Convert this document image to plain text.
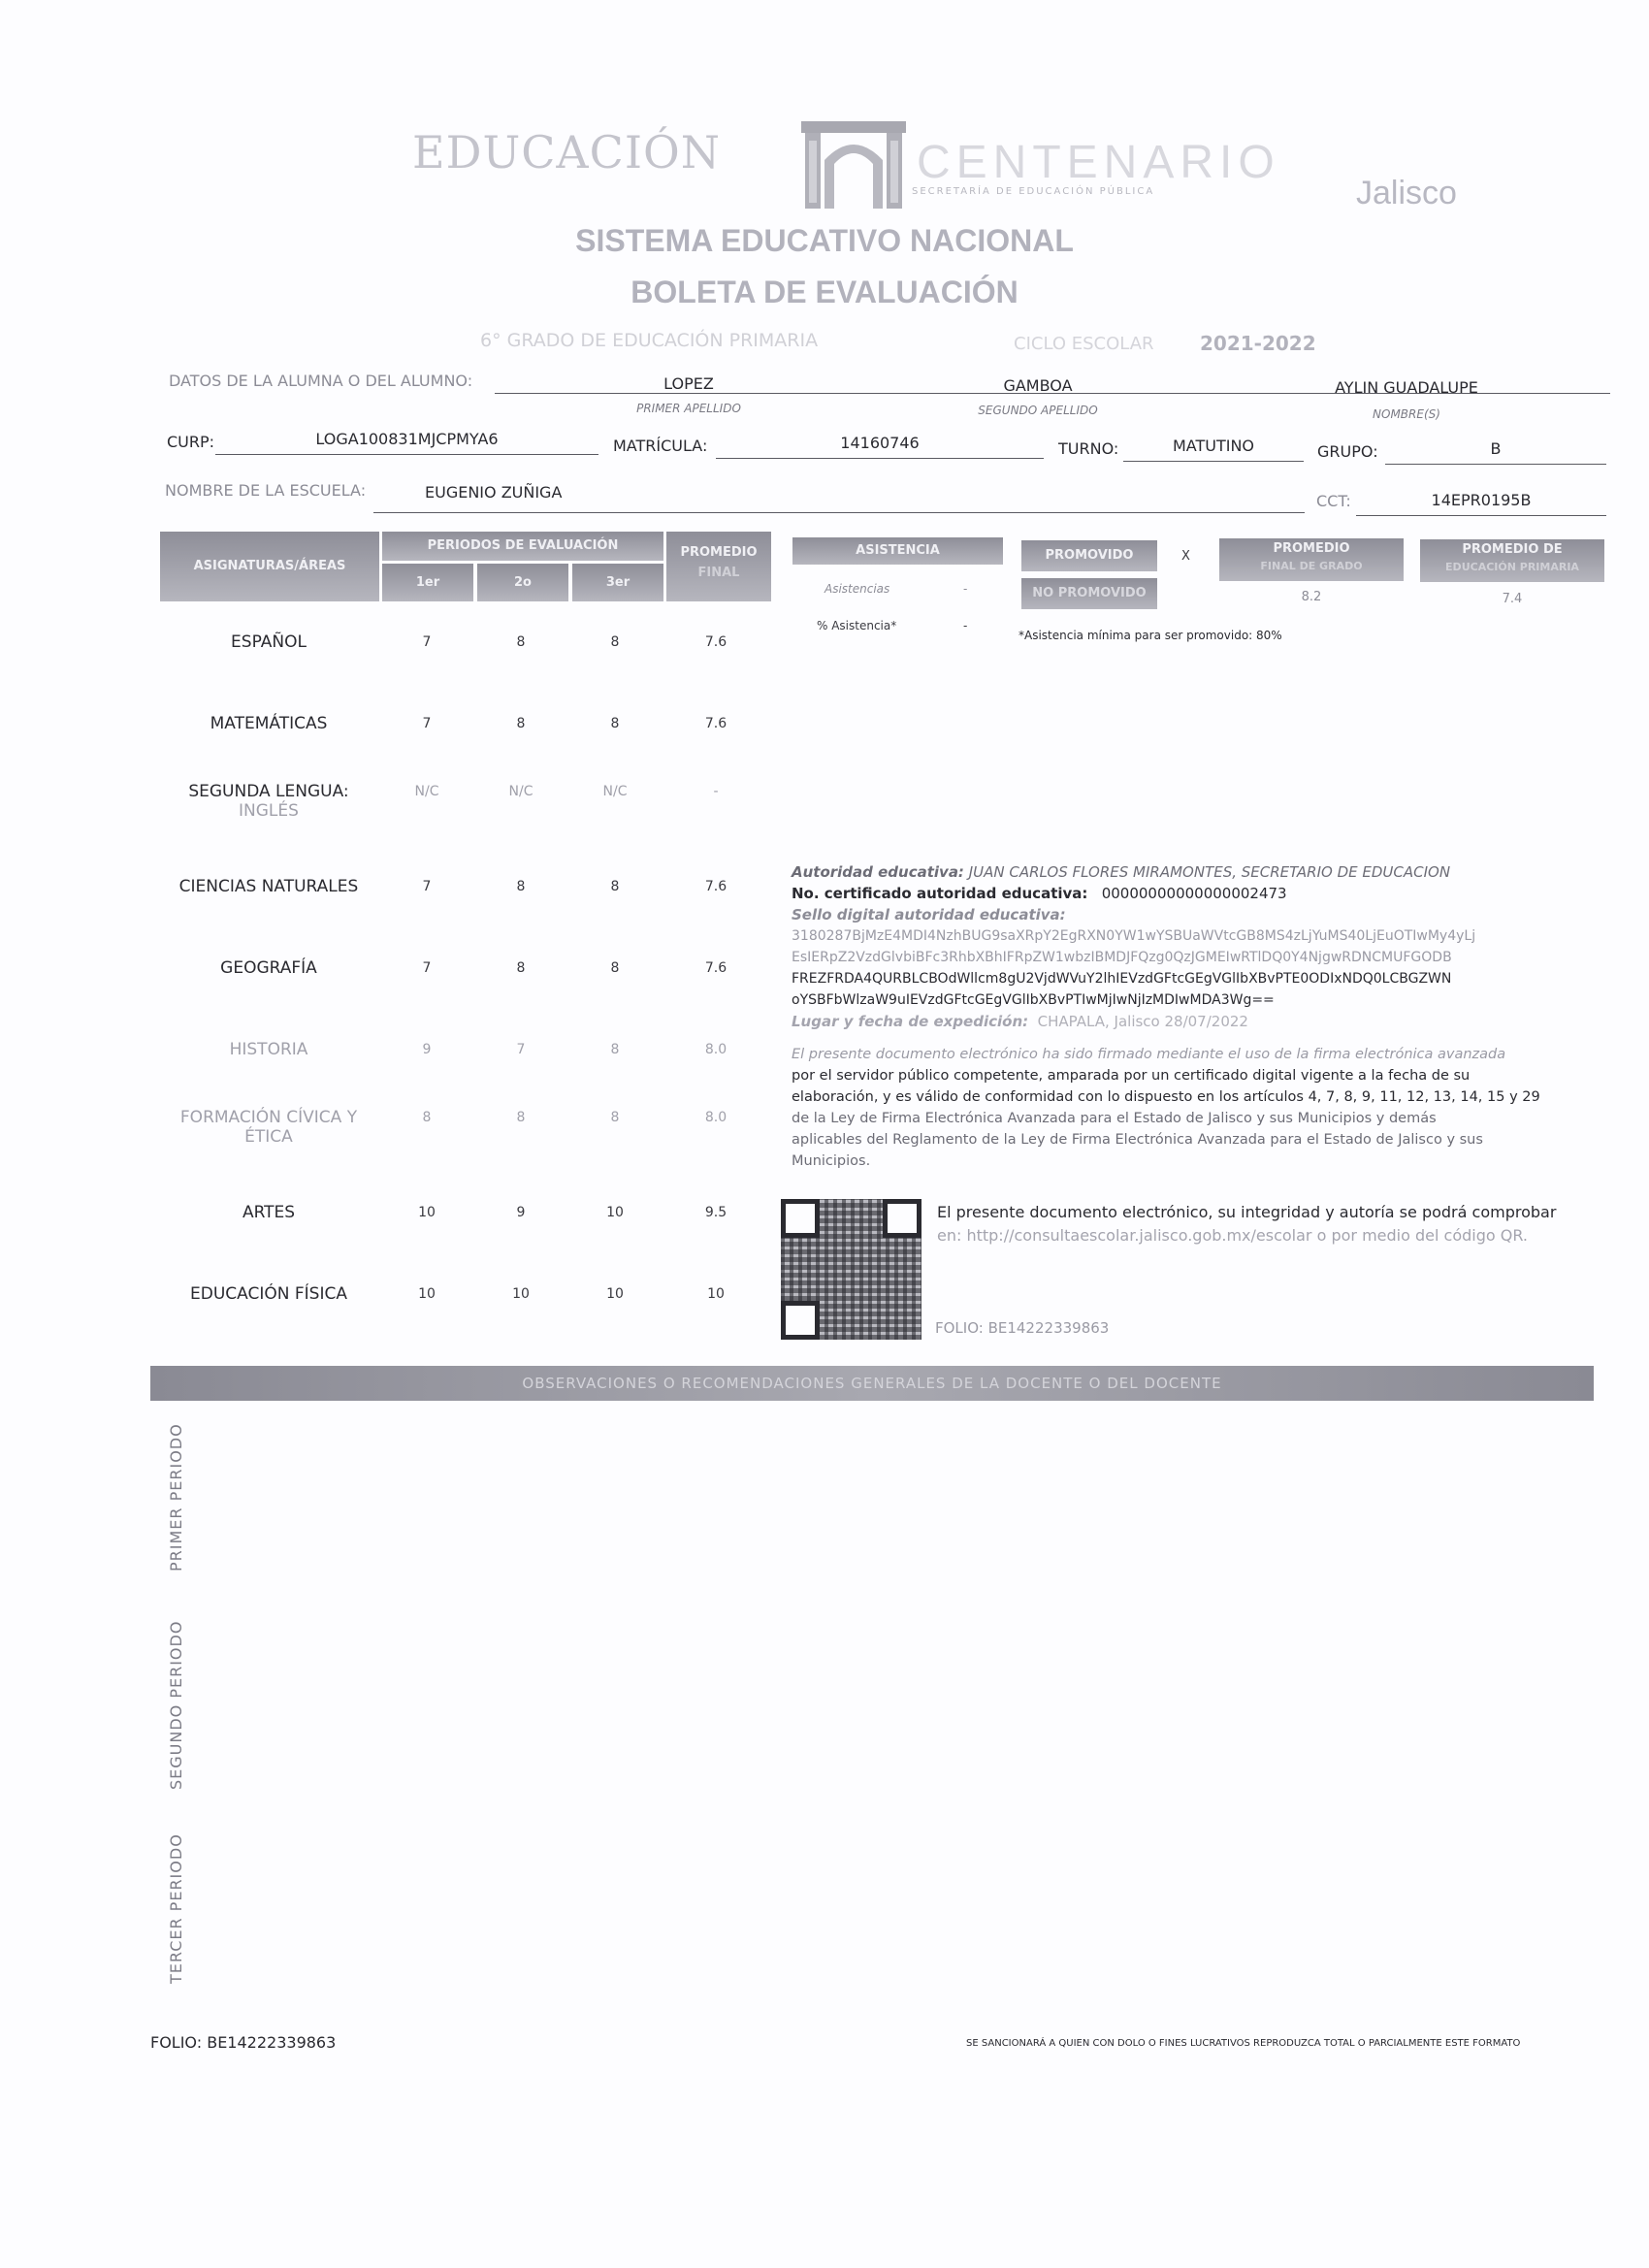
EDUCACIÓN	CENTENARIO
SECRETARÍA DE EDUCACIÓN PÚBLICA	Jalisco
SISTEMA EDUCATIVO NACIONAL
BOLETA DE EVALUACIÓN
6° GRADO DE EDUCACIÓN PRIMARIA	CICLO ESCOLAR 2021-2022
DATOS DE LA ALUMNA O DEL ALUMNO:	LOPEZ
PRIMER APELLIDO
GAMBOA
SEGUNDO APELLIDO
AYLIN GUADALUPE
NOMBRE(S)
CURP:	LOGA100831MJCPMYA6	MATRÍCULA:	14160746	TURNO:	MATUTINO	GRUPO:	B
NOMBRE DE LA ESCUELA:	EUGENIO ZUÑIGA	CCT:	14EPR0195B
ASIGNATURAS/ÁREAS
PERIODOS DE EVALUACIÓN
1er	2o	3er
PROMEDIO
FINAL
ESPAÑOL	7	8	8	7.6
MATEMÁTICAS	7	8	8	7.6
SEGUNDA LENGUA:
INGLÉS
N/C	N/C	N/C	-
CIENCIAS NATURALES	7	8	8	7.6
GEOGRAFÍA	7	8	8	7.6
HISTORIA	9	7	8	8.0
FORMACIÓN CÍVICA Y
ÉTICA
8	8	8	8.0
ARTES	10	9	10	9.5
EDUCACIÓN FÍSICA	10	10	10	10
ASISTENCIA
Asistencias	-
% Asistencia*	-
PROMOVIDO
NO PROMOVIDO
X
*Asistencia mínima para ser promovido: 80%
PROMEDIO
FINAL DE GRADO
8.2
PROMEDIO DE
EDUCACIÓN PRIMARIA
7.4
Autoridad educativa: JUAN CARLOS FLORES MIRAMONTES, SECRETARIO DE EDUCACION
No. certificado autoridad educativa: 00000000000000002473
Sello digital autoridad educativa:
3180287BjMzE4MDI4NzhBUG9saXRpY2EgRXN0YW1wYSBUaWVtcGB8MS4zLjYuMS40LjEuOTIwMy4yLj
EsIERpZ2VzdGlvbiBFc3RhbXBhIFRpZW1wbzIBMDJFQzg0QzJGMEIwRTlDQ0Y4NjgwRDNCMUFGODB
FREZFRDA4QURBLCBOdWllcm8gU2VjdWVuY2lhIEVzdGFtcGEgVGlIbXBvPTE0ODIxNDQ0LCBGZWN
oYSBFbWlzaW9uIEVzdGFtcGEgVGlIbXBvPTIwMjIwNjIzMDIwMDA3Wg==
Lugar y fecha de expedición: CHAPALA, Jalisco 28/07/2022
El presente documento electrónico ha sido firmado mediante el uso de la firma electrónica avanzada
por el servidor público competente, amparada por un certificado digital vigente a la fecha de su
elaboración, y es válido de conformidad con lo dispuesto en los artículos 4, 7, 8, 9, 11, 12, 13, 14, 15 y 29
de la Ley de Firma Electrónica Avanzada para el Estado de Jalisco y sus Municipios y demás
aplicables del Reglamento de la Ley de Firma Electrónica Avanzada para el Estado de Jalisco y sus
Municipios.
El presente documento electrónico, su integridad y autoría se podrá comprobar
en: http://consultaescolar.jalisco.gob.mx/escolar o por medio del código QR.
FOLIO: BE14222339863
OBSERVACIONES O RECOMENDACIONES GENERALES DE LA DOCENTE O DEL DOCENTE
PRIMER PERIODO
SEGUNDO PERIODO
TERCER PERIODO
FOLIO: BE14222339863	SE SANCIONARÁ A QUIEN CON DOLO O FINES LUCRATIVOS REPRODUZCA TOTAL O PARCIALMENTE ESTE FORMATO
